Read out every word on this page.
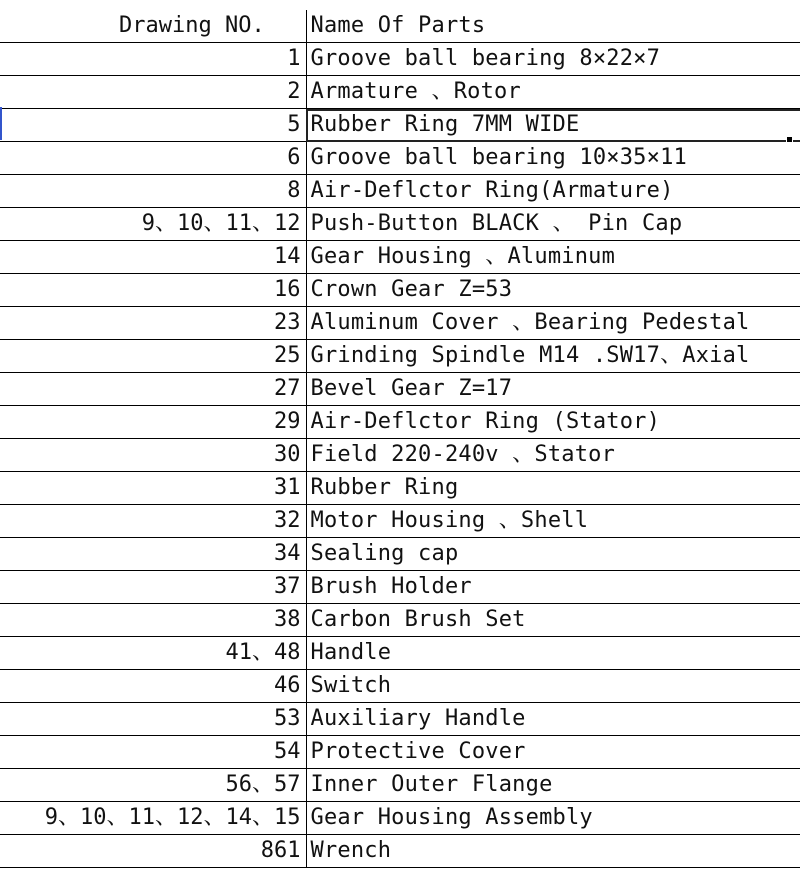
Drawing NO.	Name Of Parts
1	Groove ball bearing 8×22×7
2	Armature 、Rotor
5	Rubber Ring 7MM WIDE
6	Groove ball bearing 10×35×11
8	Air-Deflctor Ring(Armature)
9、10、11、12	Push-Button BLACK 、 Pin Cap
14	Gear Housing 、Aluminum
16	Crown Gear Z=53
23	Aluminum Cover 、Bearing Pedestal
25	Grinding Spindle M14 .SW17、Axial
27	Bevel Gear Z=17
29	Air-Deflctor Ring (Stator)
30	Field 220-240v 、Stator
31	Rubber Ring
32	Motor Housing 、Shell
34	Sealing cap
37	Brush Holder
38	Carbon Brush Set
41、48	Handle
46	Switch
53	Auxiliary Handle
54	Protective Cover
56、57	Inner Outer Flange
9、10、11、12、14、15	Gear Housing Assembly
861	Wrench
